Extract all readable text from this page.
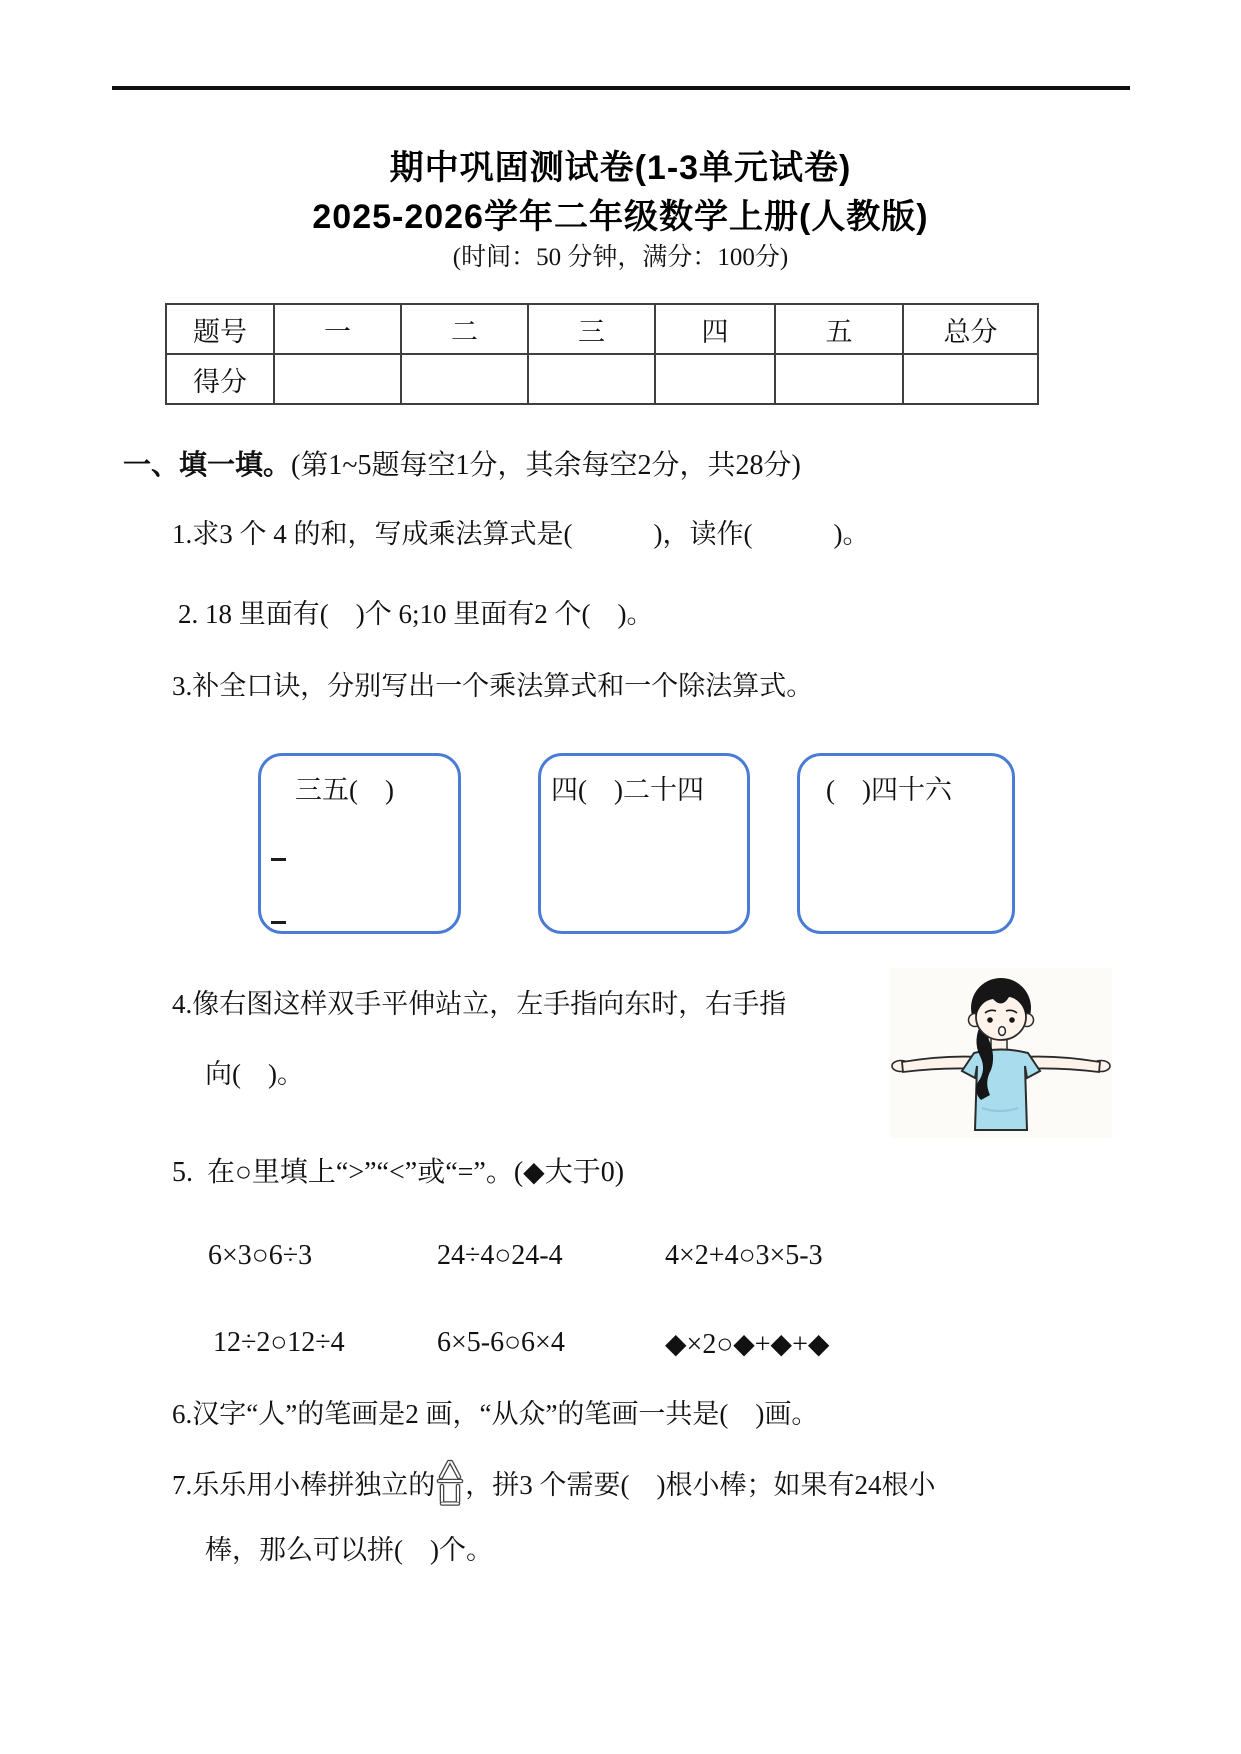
期中巩固测试卷(1-3单元试卷)
2025-2026学年二年级数学上册(人教版)
(时间：50 分钟，满分：100分)
题号	一	二	三	四	五	总分
得分						
一、填一填。(第1~5题每空1分，其余每空2分，共28分)
1.求3 个 4 的和，写成乘法算式是(            )，读作(            )。
2. 18 里面有(    )个 6;10 里面有2 个(    )。
3.补全口诀，分别写出一个乘法算式和一个除法算式。
三五(    )	四(    )二十四	(    )四十六
4.像右图这样双手平伸站立，左手指向东时，右手指
向(    )。
5.  在○里填上“>”“<”或“=”。(◆大于0)
6×3○6÷3	24÷4○24-4	4×2+4○3×5-3
12÷2○12÷4	6×5-6○6×4	◆×2○◆+◆+◆
6.汉字“人”的笔画是2 画，“从众”的笔画一共是(    )画。
7.乐乐用小棒拼独立的 ，拼3 个需要(    )根小棒；如果有24根小
棒，那么可以拼(    )个。
